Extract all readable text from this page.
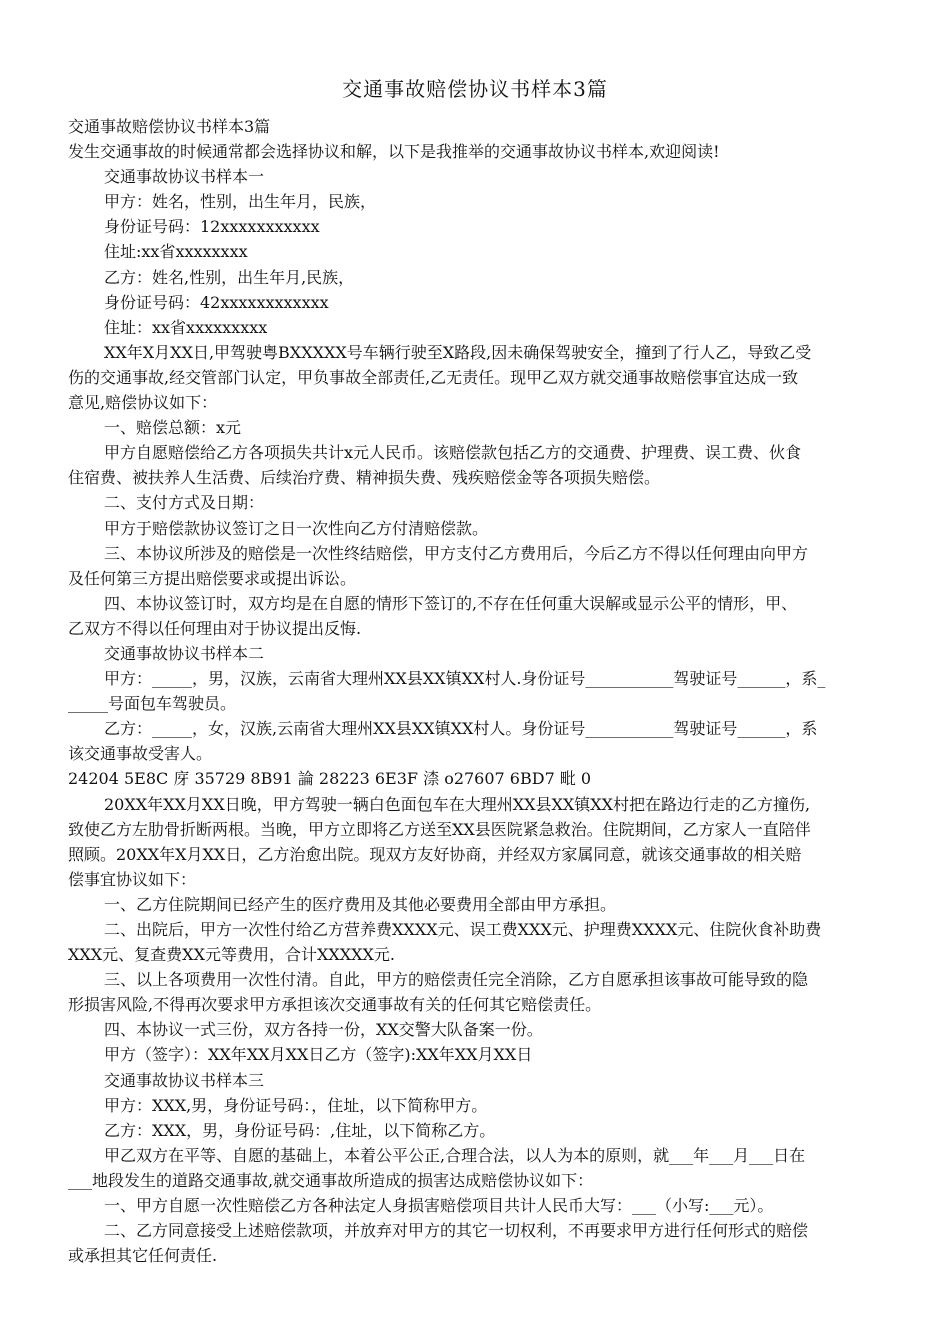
交通事故赔偿协议书样本3篇
交通事故赔偿协议书样本3篇
发生交通事故的时候通常都会选择协议和解，以下是我推举的交通事故协议书样本,欢迎阅读!
交通事故协议书样本一
甲方：姓名，性别，出生年月，民族，
身份证号码：12xxxxxxxxxxx
住址:xx省xxxxxxxx
乙方：姓名,性别，出生年月,民族，
身份证号码：42xxxxxxxxxxxx
住址：xx省xxxxxxxxx
XX年X月XX日,甲驾驶粤BXXXXX号车辆行驶至X路段,因未确保驾驶安全，撞到了行人乙，导致乙受
伤的交通事故,经交管部门认定，甲负事故全部责任,乙无责任。现甲乙双方就交通事故赔偿事宜达成一致
意见,赔偿协议如下：
一、赔偿总额：x元
甲方自愿赔偿给乙方各项损失共计x元人民币。该赔偿款包括乙方的交通费、护理费、误工费、伙食
住宿费、被扶养人生活费、后续治疗费、精神损失费、残疾赔偿金等各项损失赔偿。
二、支付方式及日期：
甲方于赔偿款协议签订之日一次性向乙方付清赔偿款。
三、本协议所涉及的赔偿是一次性终结赔偿，甲方支付乙方费用后，今后乙方不得以任何理由向甲方
及任何第三方提出赔偿要求或提出诉讼。
四、本协议签订时，双方均是在自愿的情形下签订的,不存在任何重大误解或显示公平的情形，甲、
乙双方不得以任何理由对于协议提出反悔.
交通事故协议书样本二
甲方：_____，男，汉族，云南省大理州XX县XX镇XX村人.身份证号___________驾驶证号______，系_
_____号面包车驾驶员。
乙方：_____，女，汉族,云南省大理州XX县XX镇XX村人。身份证号___________驾驶证号______，系
该交通事故受害人。
24204 5E8C 庌 35729 8B91 論 28223 6E3F 渿 o27607 6BD7 毗 0
20XX年XX月XX日晚，甲方驾驶一辆白色面包车在大理州XX县XX镇XX村把在路边行走的乙方撞伤,
致使乙方左肋骨折断两根。当晚，甲方立即将乙方送至XX县医院紧急救治。住院期间，乙方家人一直陪伴
照顾。20XX年X月XX日，乙方治愈出院。现双方友好协商，并经双方家属同意，就该交通事故的相关赔
偿事宜协议如下：
一、乙方住院期间已经产生的医疗费用及其他必要费用全部由甲方承担。
二、出院后，甲方一次性付给乙方营养费XXXX元、误工费XXX元、护理费XXXX元、住院伙食补助费
XXX元、复查费XX元等费用，合计XXXXX元.
三、以上各项费用一次性付清。自此，甲方的赔偿责任完全消除，乙方自愿承担该事故可能导致的隐
形损害风险,不得再次要求甲方承担该次交通事故有关的任何其它赔偿责任。
四、本协议一式三份，双方各持一份，XX交警大队备案一份。
甲方（签字）：XX年XX月XX日乙方（签字):XX年XX月XX日
交通事故协议书样本三
甲方：XXX,男，身份证号码：，住址，以下简称甲方。
乙方：XXX，男，身份证号码：,住址，以下简称乙方。
甲乙双方在平等、自愿的基础上，本着公平公正,合理合法，以人为本的原则，就___年___月___日在
___地段发生的道路交通事故,就交通事故所造成的损害达成赔偿协议如下：
一、甲方自愿一次性赔偿乙方各种法定人身损害赔偿项目共计人民币大写：___（小写:___元）。
二、乙方同意接受上述赔偿款项，并放弃对甲方的其它一切权利，不再要求甲方进行任何形式的赔偿
或承担其它任何责任.
